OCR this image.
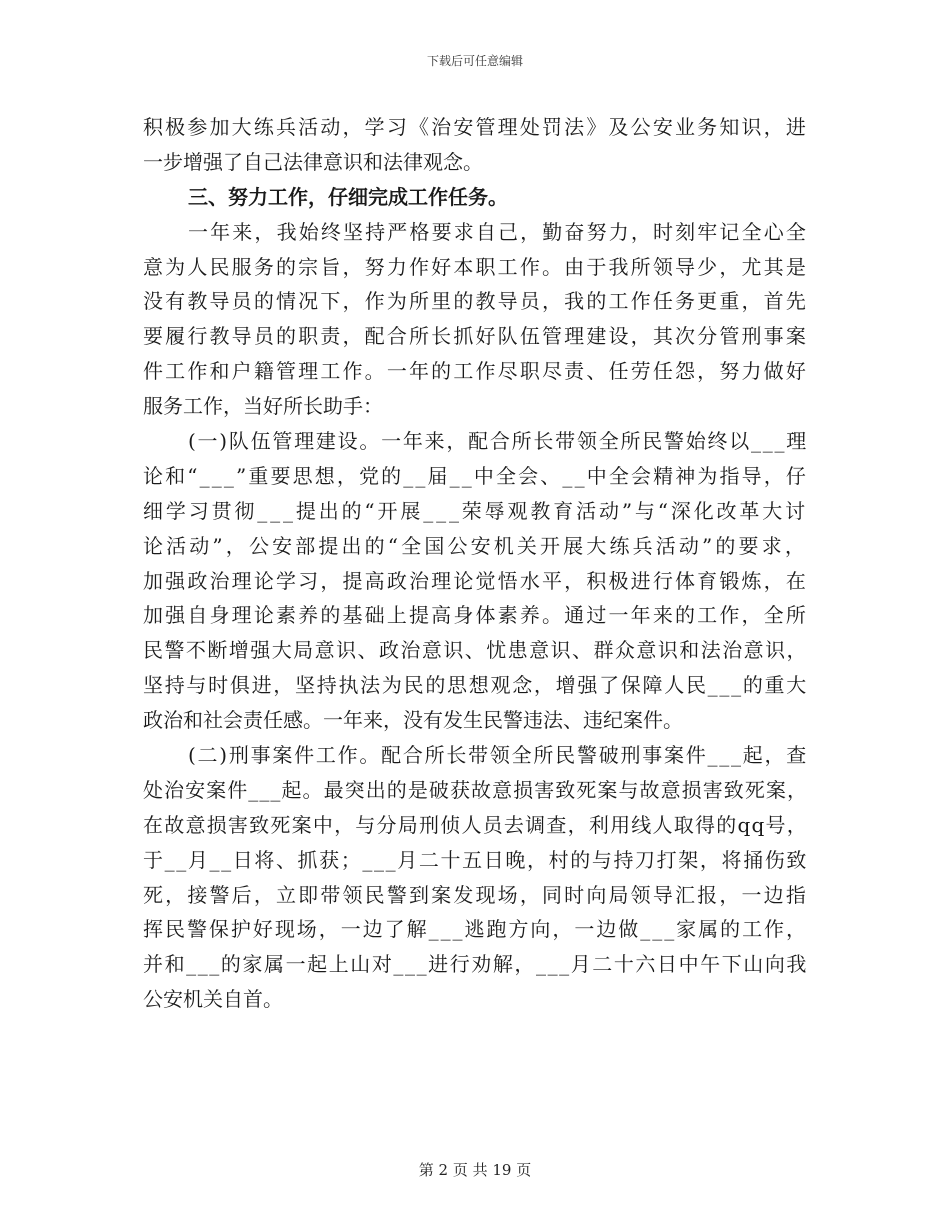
下载后可任意编辑
积极参加大练兵活动，学习《治安管理处罚法》及公安业务知识，进
一步增强了自己法律意识和法律观念。
三、努力工作，仔细完成工作任务。
一年来，我始终坚持严格要求自己，勤奋努力，时刻牢记全心全
意为人民服务的宗旨，努力作好本职工作。由于我所领导少，尤其是
没有教导员的情况下，作为所里的教导员，我的工作任务更重，首先
要履行教导员的职责，配合所长抓好队伍管理建设，其次分管刑事案
件工作和户籍管理工作。一年的工作尽职尽责、任劳任怨，努力做好
服务工作，当好所长助手：
(一)队伍管理建设。一年来，配合所长带领全所民警始终以___理
论和“___”重要思想，党的__届__中全会、__中全会精神为指导，仔
细学习贯彻___提出的“开展___荣辱观教育活动”与“深化改革大讨
论活动”，公安部提出的“全国公安机关开展大练兵活动”的要求，
加强政治理论学习，提高政治理论觉悟水平，积极进行体育锻炼，在
加强自身理论素养的基础上提高身体素养。通过一年来的工作，全所
民警不断增强大局意识、政治意识、忧患意识、群众意识和法治意识，
坚持与时俱进，坚持执法为民的思想观念，增强了保障人民___的重大
政治和社会责任感。一年来，没有发生民警违法、违纪案件。
(二)刑事案件工作。配合所长带领全所民警破刑事案件___起，查
处治安案件___起。最突出的是破获故意损害致死案与故意损害致死案，
在故意损害致死案中，与分局刑侦人员去调查，利用线人取得的qq号，
于__月__日将、抓获；___月二十五日晚，村的与持刀打架，将捅伤致
死，接警后，立即带领民警到案发现场，同时向局领导汇报，一边指
挥民警保护好现场，一边了解___逃跑方向，一边做___家属的工作，
并和___的家属一起上山对___进行劝解，___月二十六日中午下山向我
公安机关自首。
第 2 页 共 19 页
